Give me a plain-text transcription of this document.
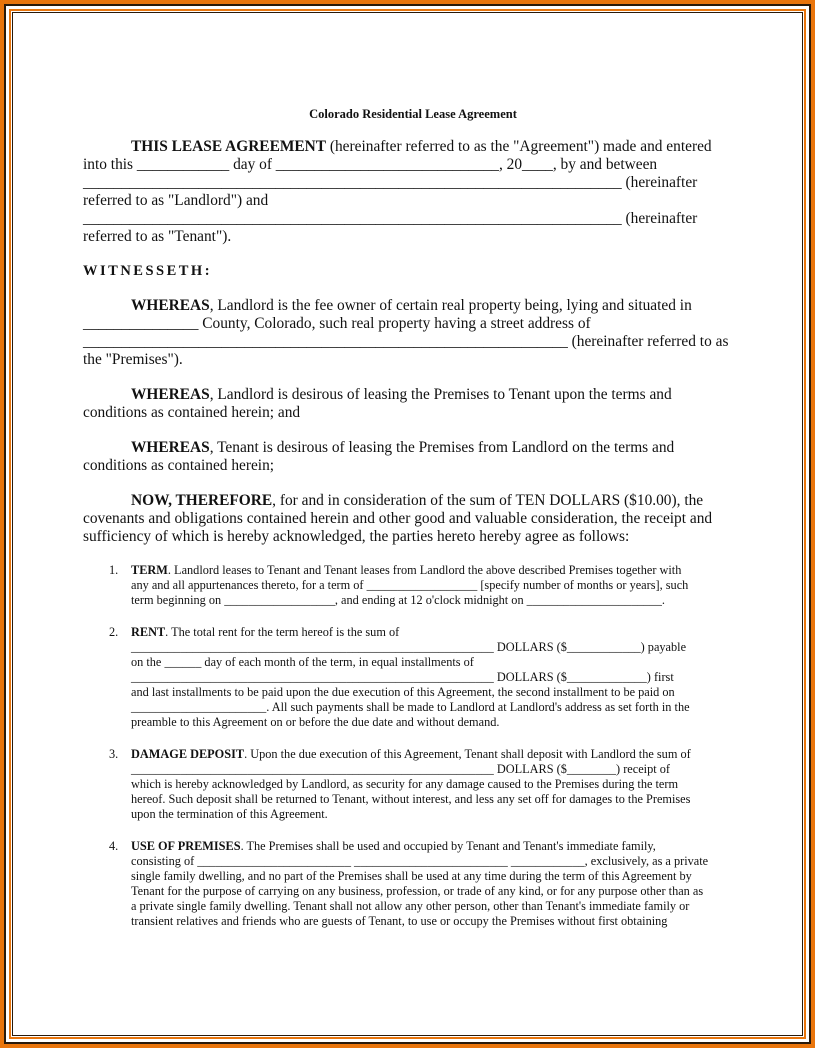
Colorado Residential Lease Agreement
THIS LEASE AGREEMENT (hereinafter referred to as the "Agreement") made and entered
into this ____________ day of _____________________________, 20____, by and between
______________________________________________________________________ (hereinafter
referred to as "Landlord") and
______________________________________________________________________ (hereinafter
referred to as "Tenant").
WITNESSETH:
WHEREAS, Landlord is the fee owner of certain real property being, lying and situated in
_______________ County, Colorado, such real property having a street address of
_______________________________________________________________ (hereinafter referred to as
the "Premises").
WHEREAS, Landlord is desirous of leasing the Premises to Tenant upon the terms and
conditions as contained herein; and
WHEREAS, Tenant is desirous of leasing the Premises from Landlord on the terms and
conditions as contained herein;
NOW, THEREFORE, for and in consideration of the sum of TEN DOLLARS ($10.00), the
covenants and obligations contained herein and other good and valuable consideration, the receipt and
sufficiency of which is hereby acknowledged, the parties hereto hereby agree as follows:
1. TERM. Landlord leases to Tenant and Tenant leases from Landlord the above described Premises together with
any and all appurtenances thereto, for a term of __________________ [specify number of months or years], such
term beginning on __________________, and ending at 12 o'clock midnight on ______________________.
2. RENT. The total rent for the term hereof is the sum of
___________________________________________________________ DOLLARS ($____________) payable
on the ______ day of each month of the term, in equal installments of
___________________________________________________________ DOLLARS ($_____________) first
and last installments to be paid upon the due execution of this Agreement, the second installment to be paid on
______________________. All such payments shall be made to Landlord at Landlord's address as set forth in the
preamble to this Agreement on or before the due date and without demand.
3. DAMAGE DEPOSIT. Upon the due execution of this Agreement, Tenant shall deposit with Landlord the sum of
___________________________________________________________ DOLLARS ($________) receipt of
which is hereby acknowledged by Landlord, as security for any damage caused to the Premises during the term
hereof. Such deposit shall be returned to Tenant, without interest, and less any set off for damages to the Premises
upon the termination of this Agreement.
4. USE OF PREMISES. The Premises shall be used and occupied by Tenant and Tenant's immediate family,
consisting of _________________________ _________________________ ____________, exclusively, as a private
single family dwelling, and no part of the Premises shall be used at any time during the term of this Agreement by
Tenant for the purpose of carrying on any business, profession, or trade of any kind, or for any purpose other than as
a private single family dwelling. Tenant shall not allow any other person, other than Tenant's immediate family or
transient relatives and friends who are guests of Tenant, to use or occupy the Premises without first obtaining
